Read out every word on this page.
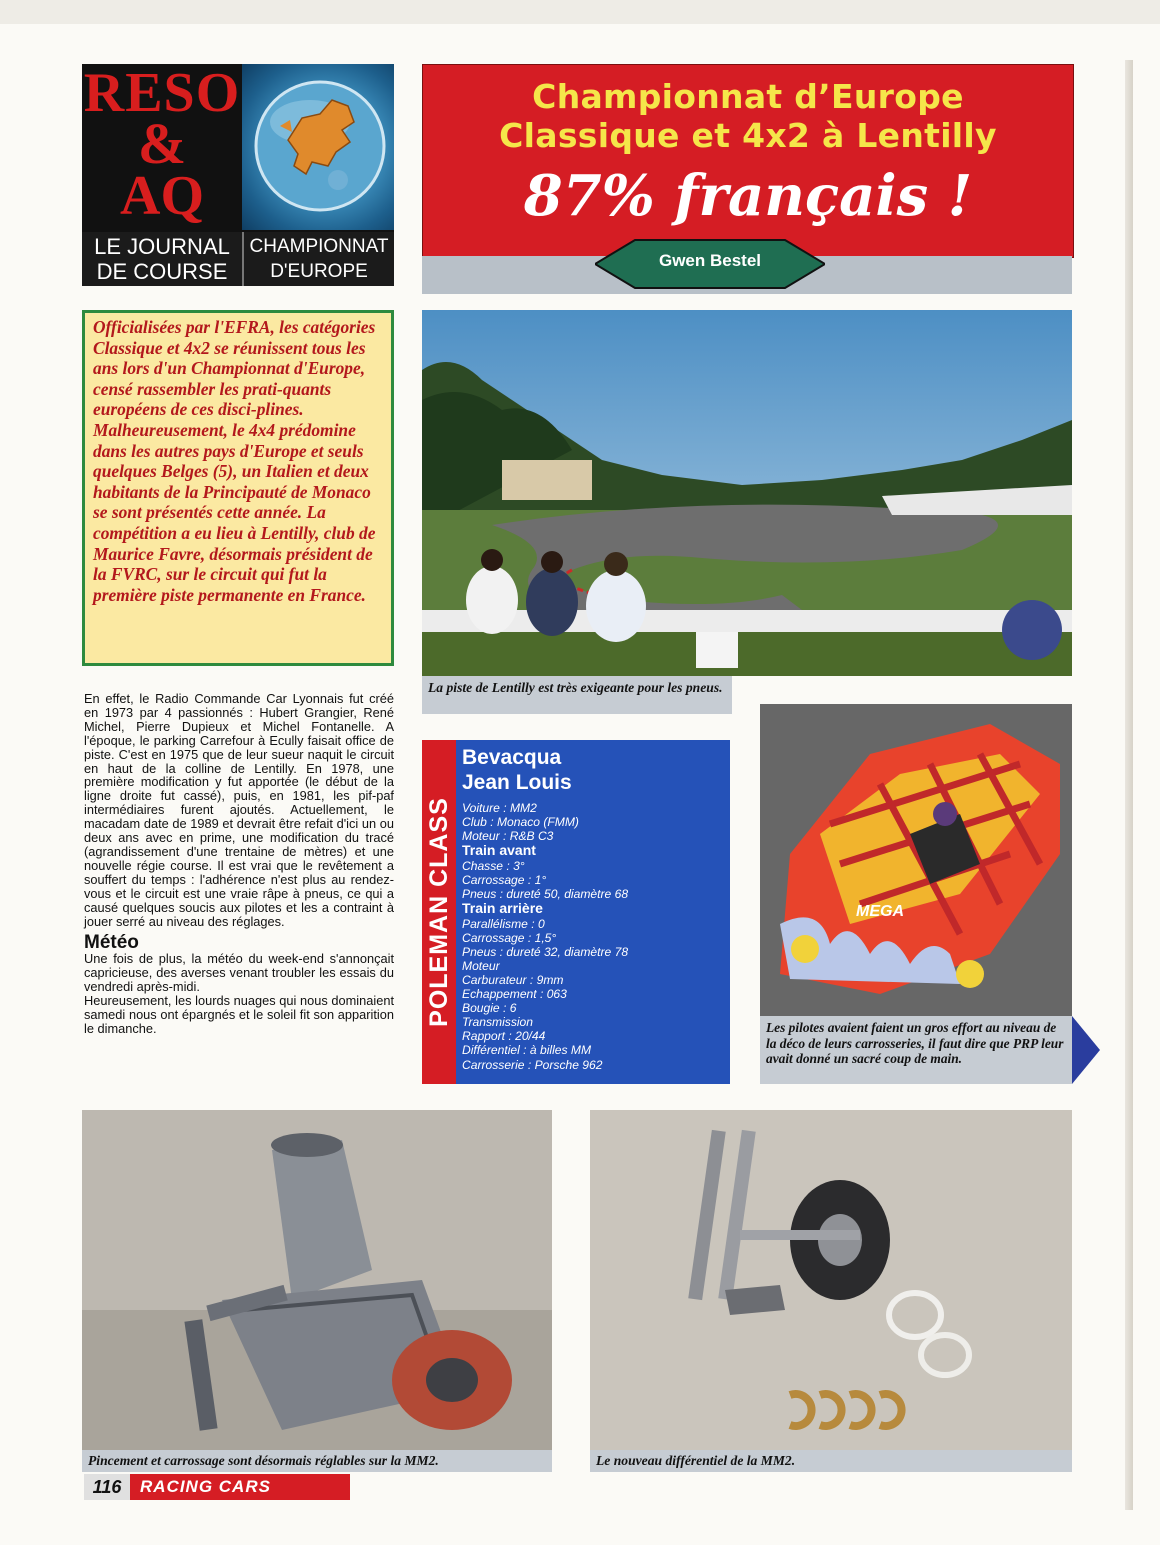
RESO
&
AQ
LE JOURNAL
DE COURSE
CHAMPIONNAT
D'EUROPE
Championnat d’Europe
Classique et 4x2 à Lentilly
87% français !
Gwen Bestel
Officialisées par l'EFRA, les catégories Classique et 4x2 se réunissent tous les ans lors d'un Championnat d'Europe, censé rassembler les prati-quants européens de ces disci-plines. Malheureusement, le 4x4 prédomine dans les autres pays d'Europe et seuls quelques Belges (5), un Italien et deux habitants de la Principauté de Monaco se sont présentés cette année. La compétition a eu lieu à Lentilly, club de Maurice Favre, désormais président de la FVRC, sur le circuit qui fut la première piste permanente en France.
La piste de Lentilly est très exigeante pour les pneus.

En effet, le Radio Commande Car Lyonnais fut créé en 1973 par 4 passionnés : Hubert Grangier, René Michel, Pierre Dupieux et Michel Fontanelle. A l'époque, le parking Carrefour à Ecully faisait office de piste. C'est en 1975 que de leur sueur naquit le circuit en haut de la colline de Lentilly. En 1978, une première modification y fut apportée (le début de la ligne droite fut cassé), puis, en 1981, les pif-paf intermédiaires furent ajoutés. Actuellement, le macadam date de 1989 et devrait être refait d'ici un ou deux ans avec en prime, une modification du tracé (agrandissement d'une trentaine de mètres) et une nouvelle régie course. Il est vrai que le revêtement a souffert du temps : l'adhérence n'est plus au rendez-vous et le circuit est une vraie râpe à pneus, ce qui a causé quelques soucis aux pilotes et les a contraint à jouer serré au niveau des réglages.

Météo

Une fois de plus, la météo du week-end s'annonçait capricieuse, des averses venant troubler les essais du vendredi après-midi.

Heureusement, les lourds nuages qui nous dominaient samedi nous ont épargnés et le soleil fit son apparition le dimanche.

POLEMAN CLASS
Bevacqua
Jean Louis
Voiture : MM2
Club : Monaco (FMM)
Moteur : R&B C3
Train avant
Chasse : 3°
Carrossage : 1°
Pneus : dureté 50, diamètre 68
Train arrière
Parallélisme : 0
Carrossage : 1,5°
Pneus : dureté 32, diamètre 78
Moteur
Carburateur : 9mm
Echappement : 063
Bougie : 6
Transmission
Rapport : 20/44
Différentiel : à billes MM
Carrosserie : Porsche 962
MEGA
Les pilotes avaient faient un gros effort au niveau de la déco de leurs carrosseries, il faut dire que PRP leur avait donné un sacré coup de main.
Pincement et carrossage sont désormais réglables sur la MM2.	Le nouveau différentiel de la MM2.
116	RACING CARS
